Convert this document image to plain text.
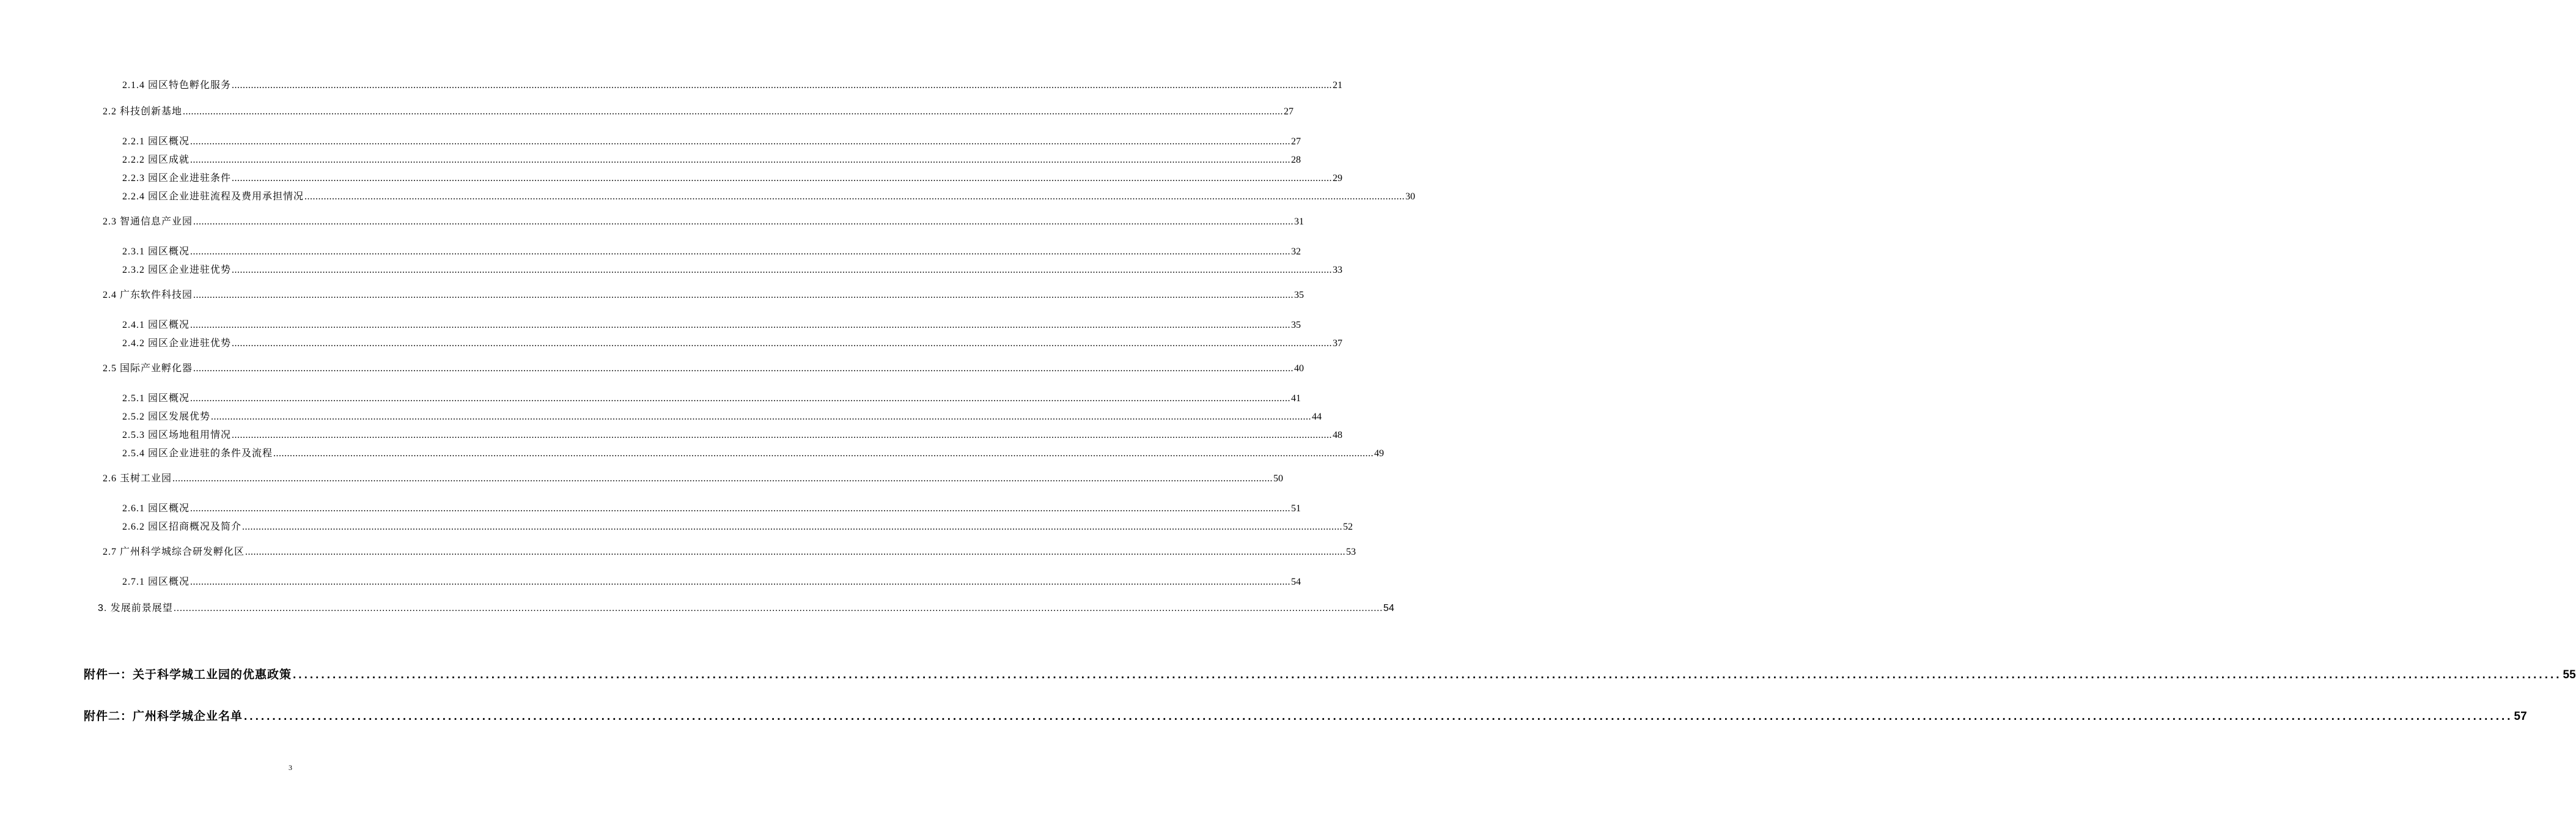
2.1.4 园区特色孵化服务 ................................................................................................................................................................................................................................................................................................................................................................................................................ 21
2.2 科技创新基地 ................................................................................................................................................................................................................................................................................................................................................................................................................ 27
2.2.1 园区概况 ................................................................................................................................................................................................................................................................................................................................................................................................................ 27
2.2.2 园区成就 ................................................................................................................................................................................................................................................................................................................................................................................................................ 28
2.2.3 园区企业进驻条件 ................................................................................................................................................................................................................................................................................................................................................................................................................ 29
2.2.4 园区企业进驻流程及费用承担情况 ................................................................................................................................................................................................................................................................................................................................................................................................................ 30
2.3 智通信息产业园 ................................................................................................................................................................................................................................................................................................................................................................................................................ 31
2.3.1 园区概况 ................................................................................................................................................................................................................................................................................................................................................................................................................ 32
2.3.2 园区企业进驻优势 ................................................................................................................................................................................................................................................................................................................................................................................................................ 33
2.4 广东软件科技园 ................................................................................................................................................................................................................................................................................................................................................................................................................ 35
2.4.1 园区概况 ................................................................................................................................................................................................................................................................................................................................................................................................................ 35
2.4.2 园区企业进驻优势 ................................................................................................................................................................................................................................................................................................................................................................................................................ 37
2.5 国际产业孵化器 ................................................................................................................................................................................................................................................................................................................................................................................................................ 40
2.5.1 园区概况 ................................................................................................................................................................................................................................................................................................................................................................................................................ 41
2.5.2 园区发展优势 ................................................................................................................................................................................................................................................................................................................................................................................................................ 44
2.5.3 园区场地租用情况 ................................................................................................................................................................................................................................................................................................................................................................................................................ 48
2.5.4 园区企业进驻的条件及流程 ................................................................................................................................................................................................................................................................................................................................................................................................................ 49
2.6 玉树工业园 ................................................................................................................................................................................................................................................................................................................................................................................................................ 50
2.6.1 园区概况 ................................................................................................................................................................................................................................................................................................................................................................................................................ 51
2.6.2 园区招商概况及简介 ................................................................................................................................................................................................................................................................................................................................................................................................................ 52
2.7 广州科学城综合研发孵化区 ................................................................................................................................................................................................................................................................................................................................................................................................................ 53
2.7.1 园区概况 ................................................................................................................................................................................................................................................................................................................................................................................................................ 54
3. 发展前景展望 ................................................................................................................................................................................................................................................................................................................................................................................................................ 54
附件一：关于科学城工业园的优惠政策 ................................................................................................................................................................................................................................................................................................................................................................................................................ 55
附件二：广州科学城企业名单 ................................................................................................................................................................................................................................................................................................................................................................................................................ 57
3
